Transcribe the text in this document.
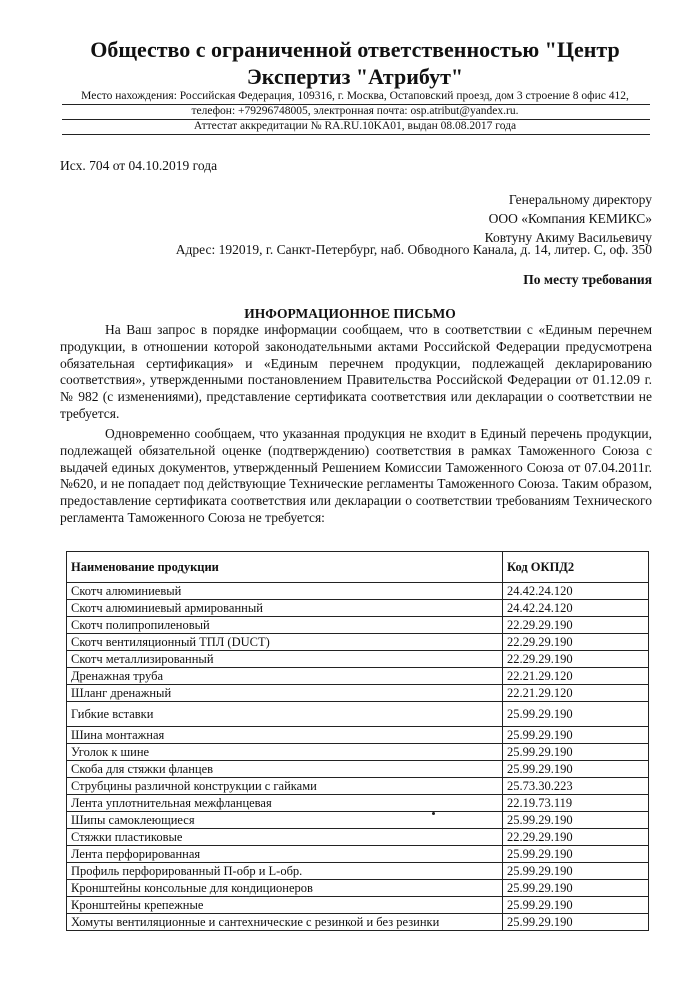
Общество с ограниченной ответственностью "Центр Экспертиз "Атрибут"
Место нахождения: Российская Федерация, 109316, г. Москва, Остаповский проезд, дом 3 строение 8 офис 412,
телефон: +79296748005, электронная почта: osp.atribut@yandex.ru.
Аттестат аккредитации № RA.RU.10KA01, выдан 08.08.2017 года
Исх. 704 от 04.10.2019 года
Генеральному директору
ООО «Компания КЕМИКС»
Ковтуну Акиму Васильевичу
Адрес: 192019, г. Санкт-Петербург, наб. Обводного Канала, д. 14, литер. С, оф. 350
По месту требования
ИНФОРМАЦИОННОЕ ПИСЬМО

На Ваш запрос в порядке информации сообщаем, что в соответствии с «Единым перечнем продукции, в отношении которой законодательными актами Российской Федерации предусмотрена обязательная сертификация» и «Единым перечнем продукции, подлежащей декларированию соответствия», утвержденными постановлением Правительства Российской Федерации от 01.12.09 г. № 982 (с изменениями), представление сертификата соответствия или декларации о соответствии не требуется.

Одновременно сообщаем, что указанная продукция не входит в Единый перечень продукции, подлежащей обязательной оценке (подтверждению) соответствия в рамках Таможенного Союза с выдачей единых документов, утвержденный Решением Комиссии Таможенного Союза от 07.04.2011г. №620, и не попадает под действующие Технические регламенты Таможенного Союза. Таким образом, предоставление сертификата соответствия или декларации о соответствии требованиям Технического регламента Таможенного Союза не требуется:

Наименование продукции	Код ОКПД2
Скотч алюминиевый	24.42.24.120
Скотч алюминиевый армированный	24.42.24.120
Скотч полипропиленовый	22.29.29.190
Скотч вентиляционный ТПЛ (DUCT)	22.29.29.190
Скотч металлизированный	22.29.29.190
Дренажная труба	22.21.29.120
Шланг дренажный	22.21.29.120
Гибкие вставки	25.99.29.190
Шина монтажная	25.99.29.190
Уголок к шине	25.99.29.190
Скоба для стяжки фланцев	25.99.29.190
Струбцины различной конструкции с гайками	25.73.30.223
Лента уплотнительная межфланцевая	22.19.73.119
Шипы самоклеющиеся	25.99.29.190
Стяжки пластиковые	22.29.29.190
Лента перфорированная	25.99.29.190
Профиль перфорированный П-обр и L-обр.	25.99.29.190
Кронштейны консольные для кондиционеров	25.99.29.190
Кронштейны крепежные	25.99.29.190
Хомуты вентиляционные и сантехнические с резинкой и без резинки	25.99.29.190
